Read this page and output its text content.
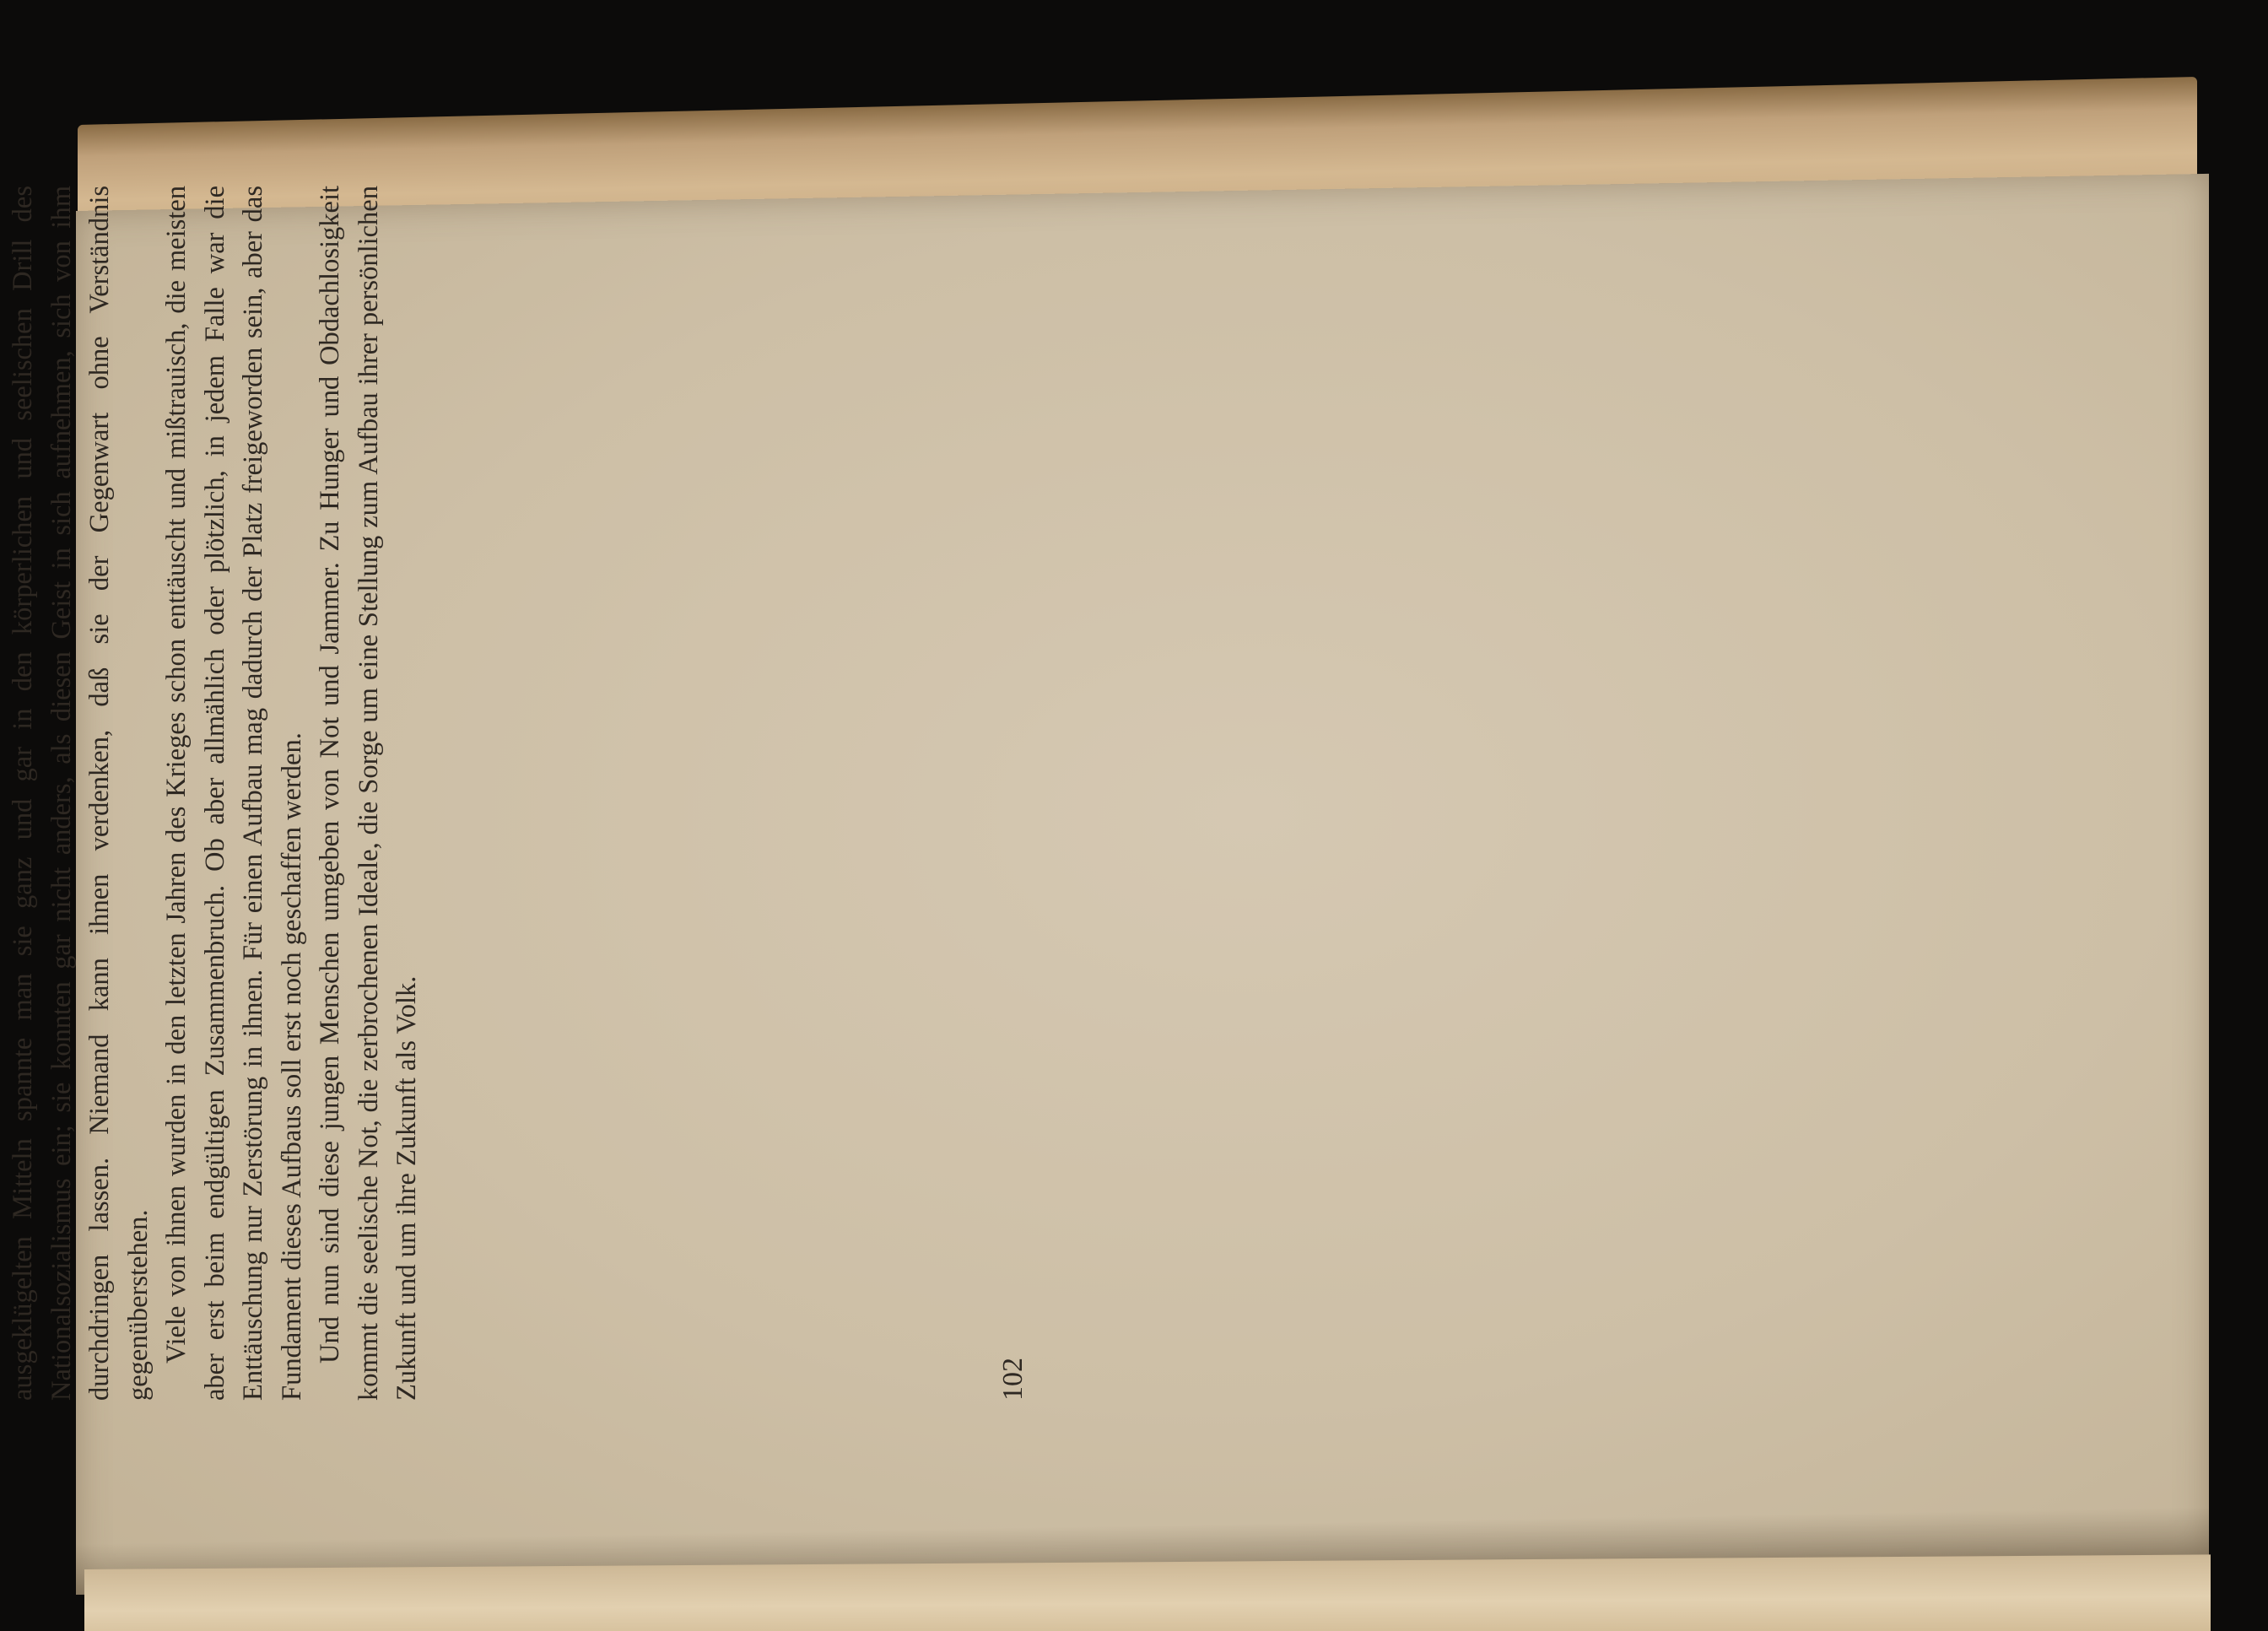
ausgeklügelten Mitteln spannte man sie ganz und gar in den körperlichen und seelischen Drill des Nationalsozialismus ein; sie konnten gar nicht anders, als diesen Geist in sich aufnehmen, sich von ihm durchdringen lassen. Niemand kann ihnen verdenken, daß sie der Gegenwart ohne Verständnis gegenüberstehen. Viele von ihnen wurden in den letzten Jahren des Krieges schon enttäuscht und mißtrauisch, die meisten aber erst beim endgültigen Zusammenbruch. Ob aber allmählich oder plötzlich, in jedem Falle war die Enttäuschung nur Zerstörung in ihnen. Für einen Aufbau mag dadurch der Platz freigeworden sein, aber das Fundament dieses Aufbaus soll erst noch geschaffen werden. Und nun sind diese jungen Menschen umgeben von Not und Jammer. Zu Hunger und Obdachlosigkeit kommt die seelische Not, die zerbrochenen Ideale, die Sorge um eine Stellung zum Aufbau ihrer persönlichen Zukunft und um ihre Zukunft als Volk.	102
